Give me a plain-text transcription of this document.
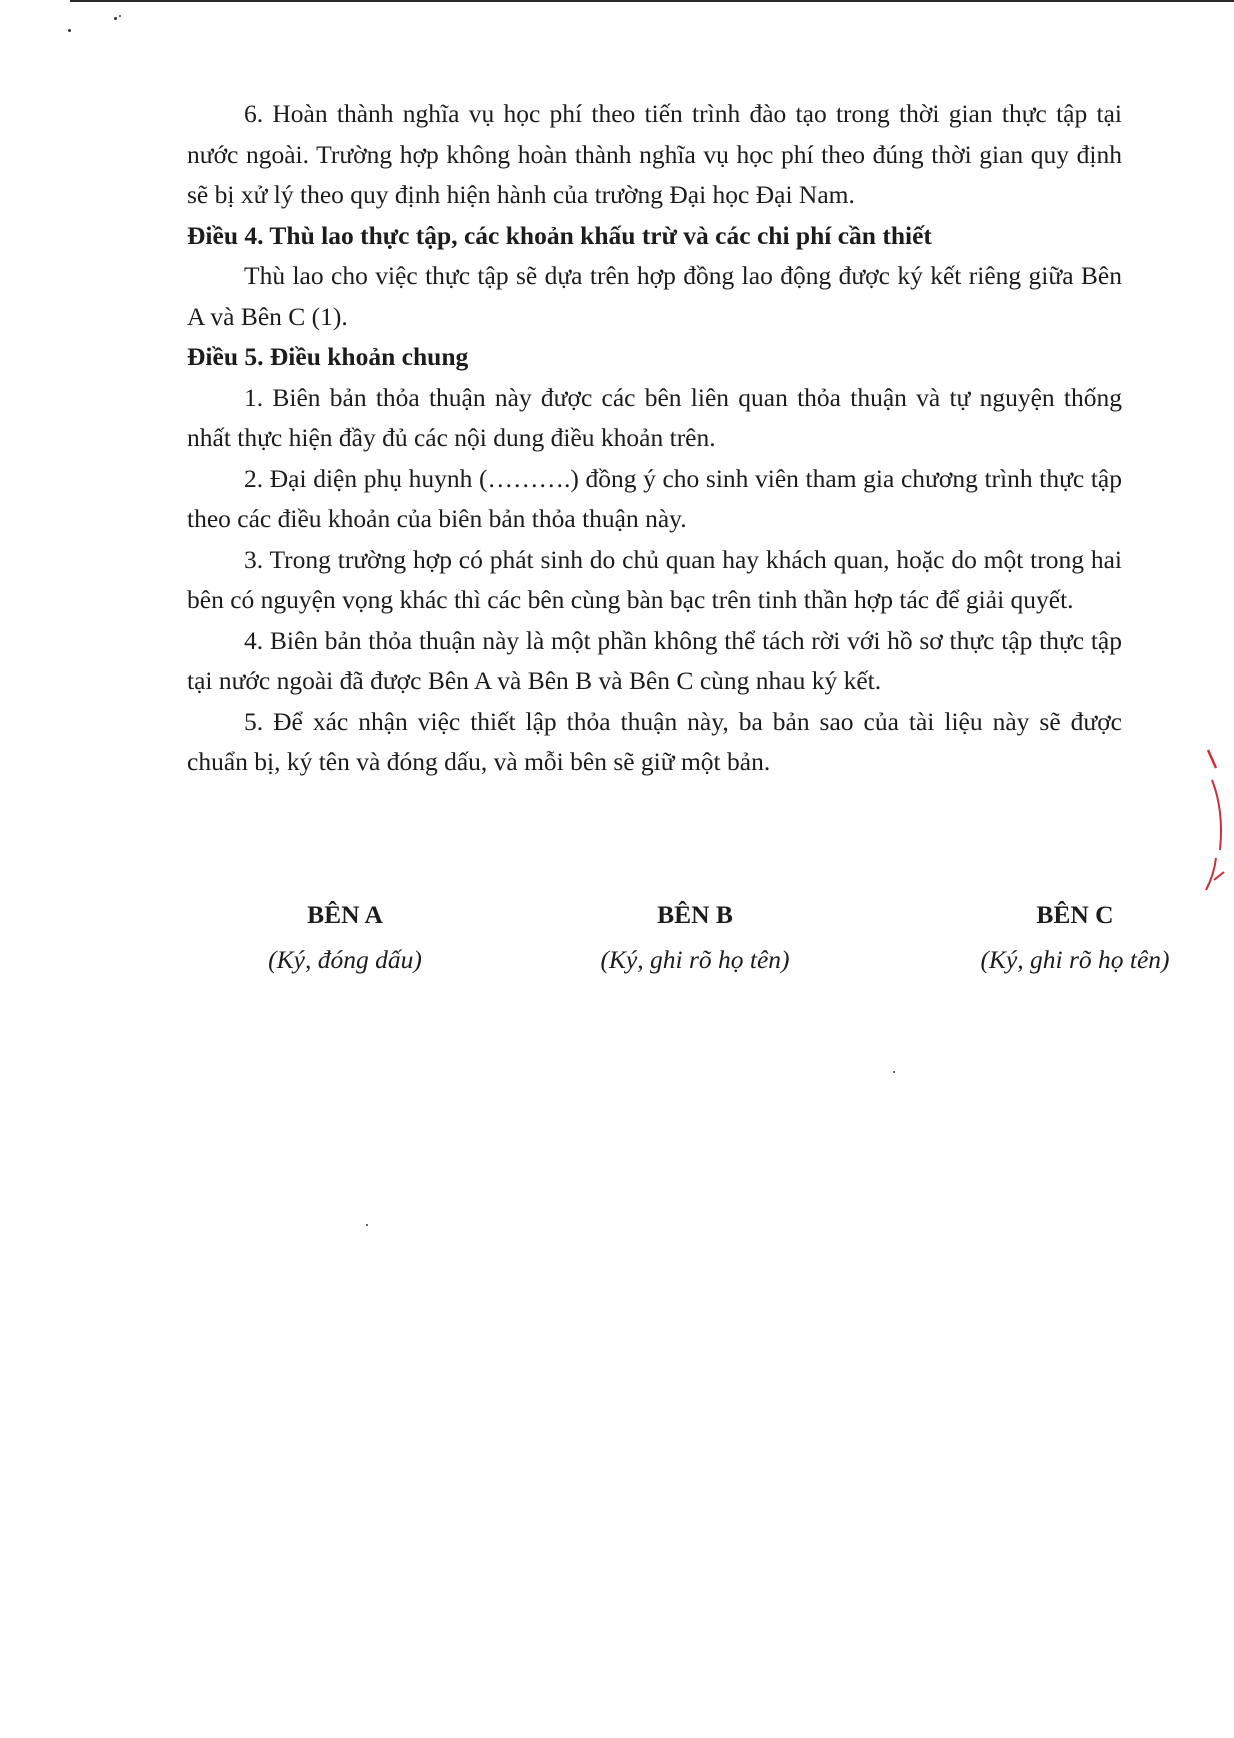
6. Hoàn thành nghĩa vụ học phí theo tiến trình đào tạo trong thời gian thực tập tại nước ngoài. Trường hợp không hoàn thành nghĩa vụ học phí theo đúng thời gian quy định sẽ bị xử lý theo quy định hiện hành của trường Đại học Đại Nam.

Điều 4. Thù lao thực tập, các khoản khấu trừ và các chi phí cần thiết

Thù lao cho việc thực tập sẽ dựa trên hợp đồng lao động được ký kết riêng giữa Bên A và Bên C (1).

Điều 5. Điều khoản chung

1. Biên bản thỏa thuận này được các bên liên quan thỏa thuận và tự nguyện thống nhất thực hiện đầy đủ các nội dung điều khoản trên.

2. Đại diện phụ huynh (……….) đồng ý cho sinh viên tham gia chương trình thực tập theo các điều khoản của biên bản thỏa thuận này.

3. Trong trường hợp có phát sinh do chủ quan hay khách quan, hoặc do một trong hai bên có nguyện vọng khác thì các bên cùng bàn bạc trên tinh thần hợp tác để giải quyết.

4. Biên bản thỏa thuận này là một phần không thể tách rời với hồ sơ thực tập thực tập tại nước ngoài đã được Bên A và Bên B và Bên C cùng nhau ký kết.

5. Để xác nhận việc thiết lập thỏa thuận này, ba bản sao của tài liệu này sẽ được chuẩn bị, ký tên và đóng dấu, và mỗi bên sẽ giữ một bản.

BÊN A
(Ký, đóng dấu)
BÊN B
(Ký, ghi rõ họ tên)
BÊN C
(Ký, ghi rõ họ tên)
